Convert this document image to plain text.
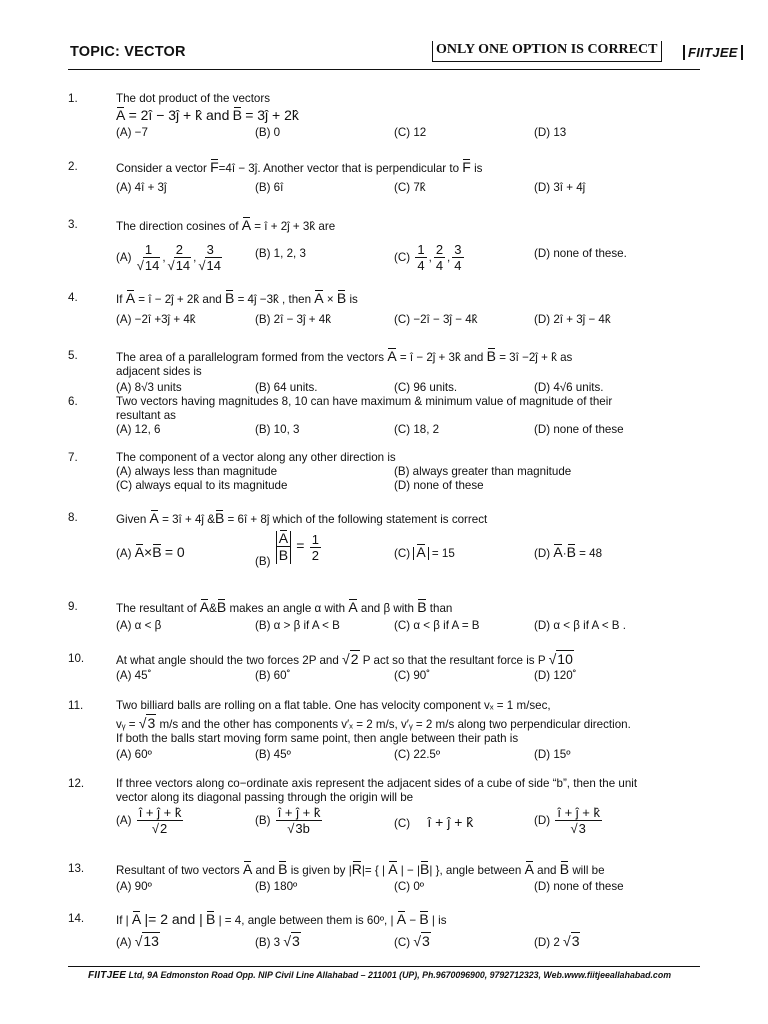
TOPIC: VECTOR	ONLY ONE OPTION IS CORRECT	FIITJEE
1.	The dot product of the vectors
A = 2î − 3ĵ + k̂ and B = 3ĵ + 2k̂
(A) −7	(B) 0	(C) 12	(D) 13
2.	Consider a vector F=4î − 3ĵ. Another vector that is perpendicular to F is
(A) 4î + 3ĵ	(B) 6î	(C) 7k̂	(D) 3î + 4ĵ
3.	The direction cosines of A = î + 2ĵ + 3k̂ are
$(A) \frac{1}{√14}$ , $\frac{2}{√14}$ , $\frac{3}{√14}$	(B) 1, 2, 3	$(C) \frac{1}{4}$ , $\frac{2}{4}$ , $\frac{3}{4}$	(D) none of these.
4.	If A = î − 2ĵ + 2k̂ and B = 4ĵ −3k̂ , then A × B is
(A) −2î +3ĵ + 4k̂	(B) 2î − 3ĵ + 4k̂	(C) −2î − 3ĵ − 4k̂	(D) 2î + 3ĵ − 4k̂
5.	The area of a parallelogram formed from the vectors A = î − 2ĵ + 3k̂ and B = 3î −2ĵ + k̂ as
adjacent sides is
(A) 8√3 units	(B) 64 units.	(C) 96 units.	(D) 4√6 units.
6.	Two vectors having magnitudes 8, 10 can have maximum & minimum value of magnitude of their
resultant as
(A) 12, 6	(B) 10, 3	(C) 18, 2	(D) none of these
7.	The component of a vector along any other direction is
(A) always less than magnitude	(B) always greater than magnitude
(C) always equal to its magnitude	(D) none of these
8.	Given A = 3î + 4ĵ &B = 6î + 8ĵ which of the following statement is correct
(A) A×B = 0
$(B) \frac{A}{B} = \frac{1}{2}$	(C) A = 15	(D) A·B = 48
9.	The resultant of A&B makes an angle α with A and β with B than
(A) α < β	(B) α > β if A < B	(C) α < β if A = B	(D) α < β if A < B .
10.	At what angle should the two forces 2P and √2 P act so that the resultant force is P √10
(A) 45˚	(B) 60˚	(C) 90˚	(D) 120˚
11.	Two billiard balls are rolling on a flat table. One has velocity component vₓ = 1 m/sec,
vᵧ = √3 m/s and the other has components v′ₓ = 2 m/s, v′ᵧ = 2 m/s along two perpendicular direction.
If both the balls start moving form same point, then angle between their path is
(A) 60º	(B) 45º	(C) 22.5º	(D) 15º
12.	If three vectors along co−ordinate axis represent the adjacent sides of a cube of side “b”, then the unit
vector along its diagonal passing through the origin will be
$(A) \frac{î + ĵ + k̂}{√2}$	$(B) \frac{î + ĵ + k̂}{√3b}$	(C) î + ĵ + k̂	$(D) \frac{î + ĵ + k̂}{√3}$
13.	Resultant of two vectors A and B is given by |R|= { | A | − |B| }, angle between A and B will be
(A) 90º	(B) 180º	(C) 0º	(D) none of these
14.	If | A |= 2 and | B | = 4, angle between them is 60º, | A − B | is
(A) √13	(B) 3 √3	(C) √3	(D) 2 √3
FIITJEE Ltd, 9A Edmonston Road Opp. NIP Civil Line Allahabad – 211001 (UP), Ph.9670096900, 9792712323, Web.www.fiitjeeallahabad.com
